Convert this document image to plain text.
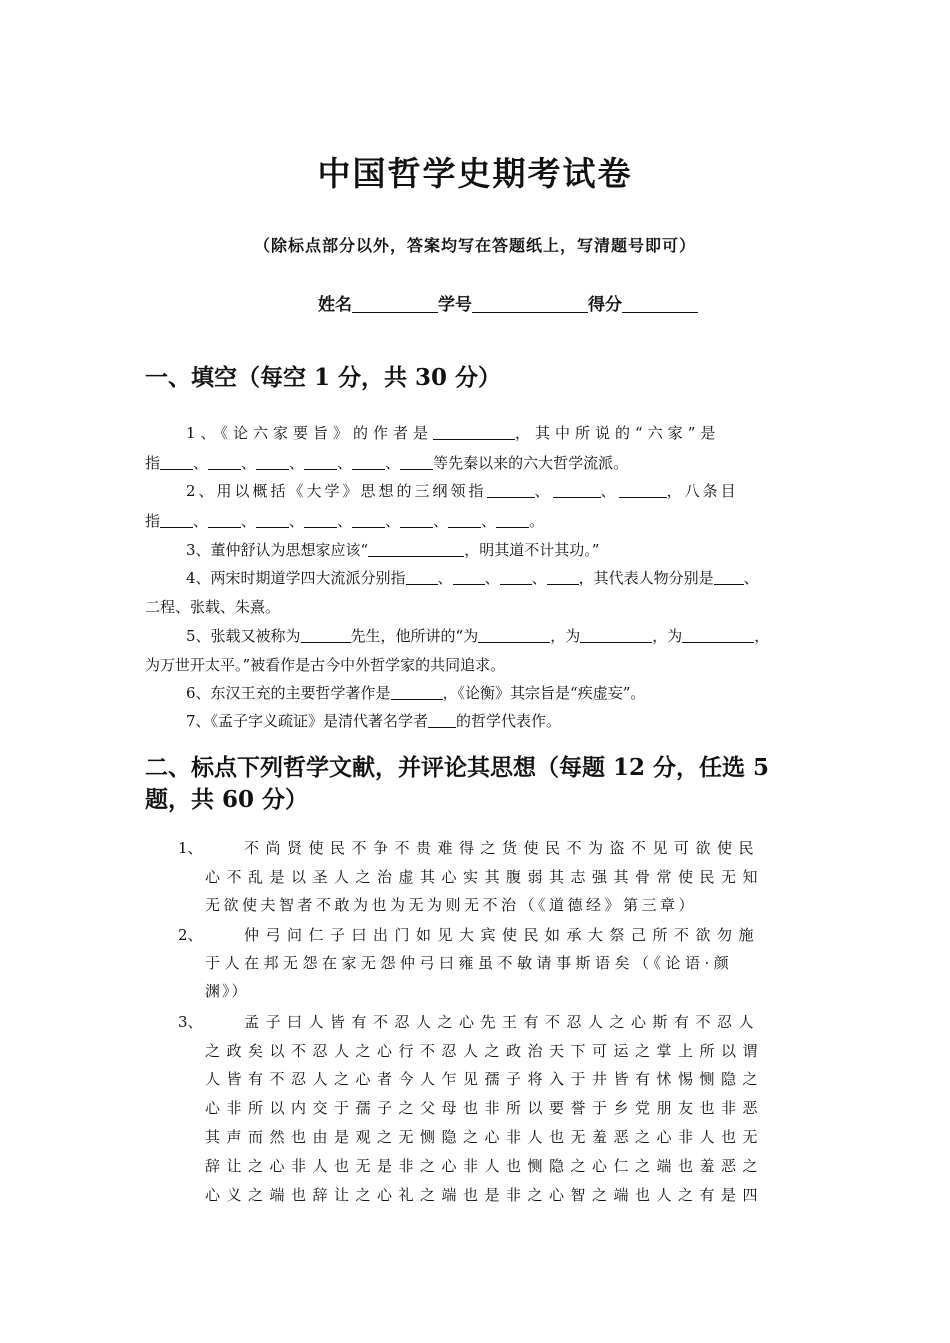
中国哲学史期考试卷
（除标点部分以外，答案均写在答题纸上，写清题号即可）
姓名	学号	得分
一、填空（每空 1 分，共 30 分）
1、《论六家要旨》的作者是	，其中所说的“六家”是
指 、 、 、 、 、 等先秦以来的六大哲学流派。
2、用以概括《大学》思想的三纲领指	、	、	，八条目
指 、 、 、 、 、 、 、 。
3、董仲舒认为思想家应该“	，明其道不计其功。”
4、两宋时期道学四大流派分别指 、 、 、 ，其代表人物分别是 、
二程、张载、朱熹。
5、张载又被称为	先生，他所讲的“为	，为	，为	，
为万世开太平。”被看作是古今中外哲学家的共同追求。
6、东汉王充的主要哲学著作是	，《论衡》其宗旨是“疾虚妄”。
7、《孟子字义疏证》是清代著名学者 的哲学代表作。
二、标点下列哲学文献，并评论其思想（每题 12 分，任选 5 题，共 60 分）
1、	不尚贤使民不争不贵难得之货使民不为盗不见可欲使民
心不乱是以圣人之治虚其心实其腹弱其志强其骨常使民无知
无欲使夫智者不敢为也为无为则无不治（《道德经》第三章）
2、	仲弓问仁子曰出门如见大宾使民如承大祭己所不欲勿施
于人在邦无怨在家无怨仲弓曰雍虽不敏请事斯语矣（《论语·颜
渊》）
3、	孟子曰人皆有不忍人之心先王有不忍人之心斯有不忍人
之政矣以不忍人之心行不忍人之政治天下可运之掌上所以谓
人皆有不忍人之心者今人乍见孺子将入于井皆有怵惕恻隐之
心非所以内交于孺子之父母也非所以要誉于乡党朋友也非恶
其声而然也由是观之无恻隐之心非人也无羞恶之心非人也无
辞让之心非人也无是非之心非人也恻隐之心仁之端也羞恶之
心义之端也辞让之心礼之端也是非之心智之端也人之有是四
